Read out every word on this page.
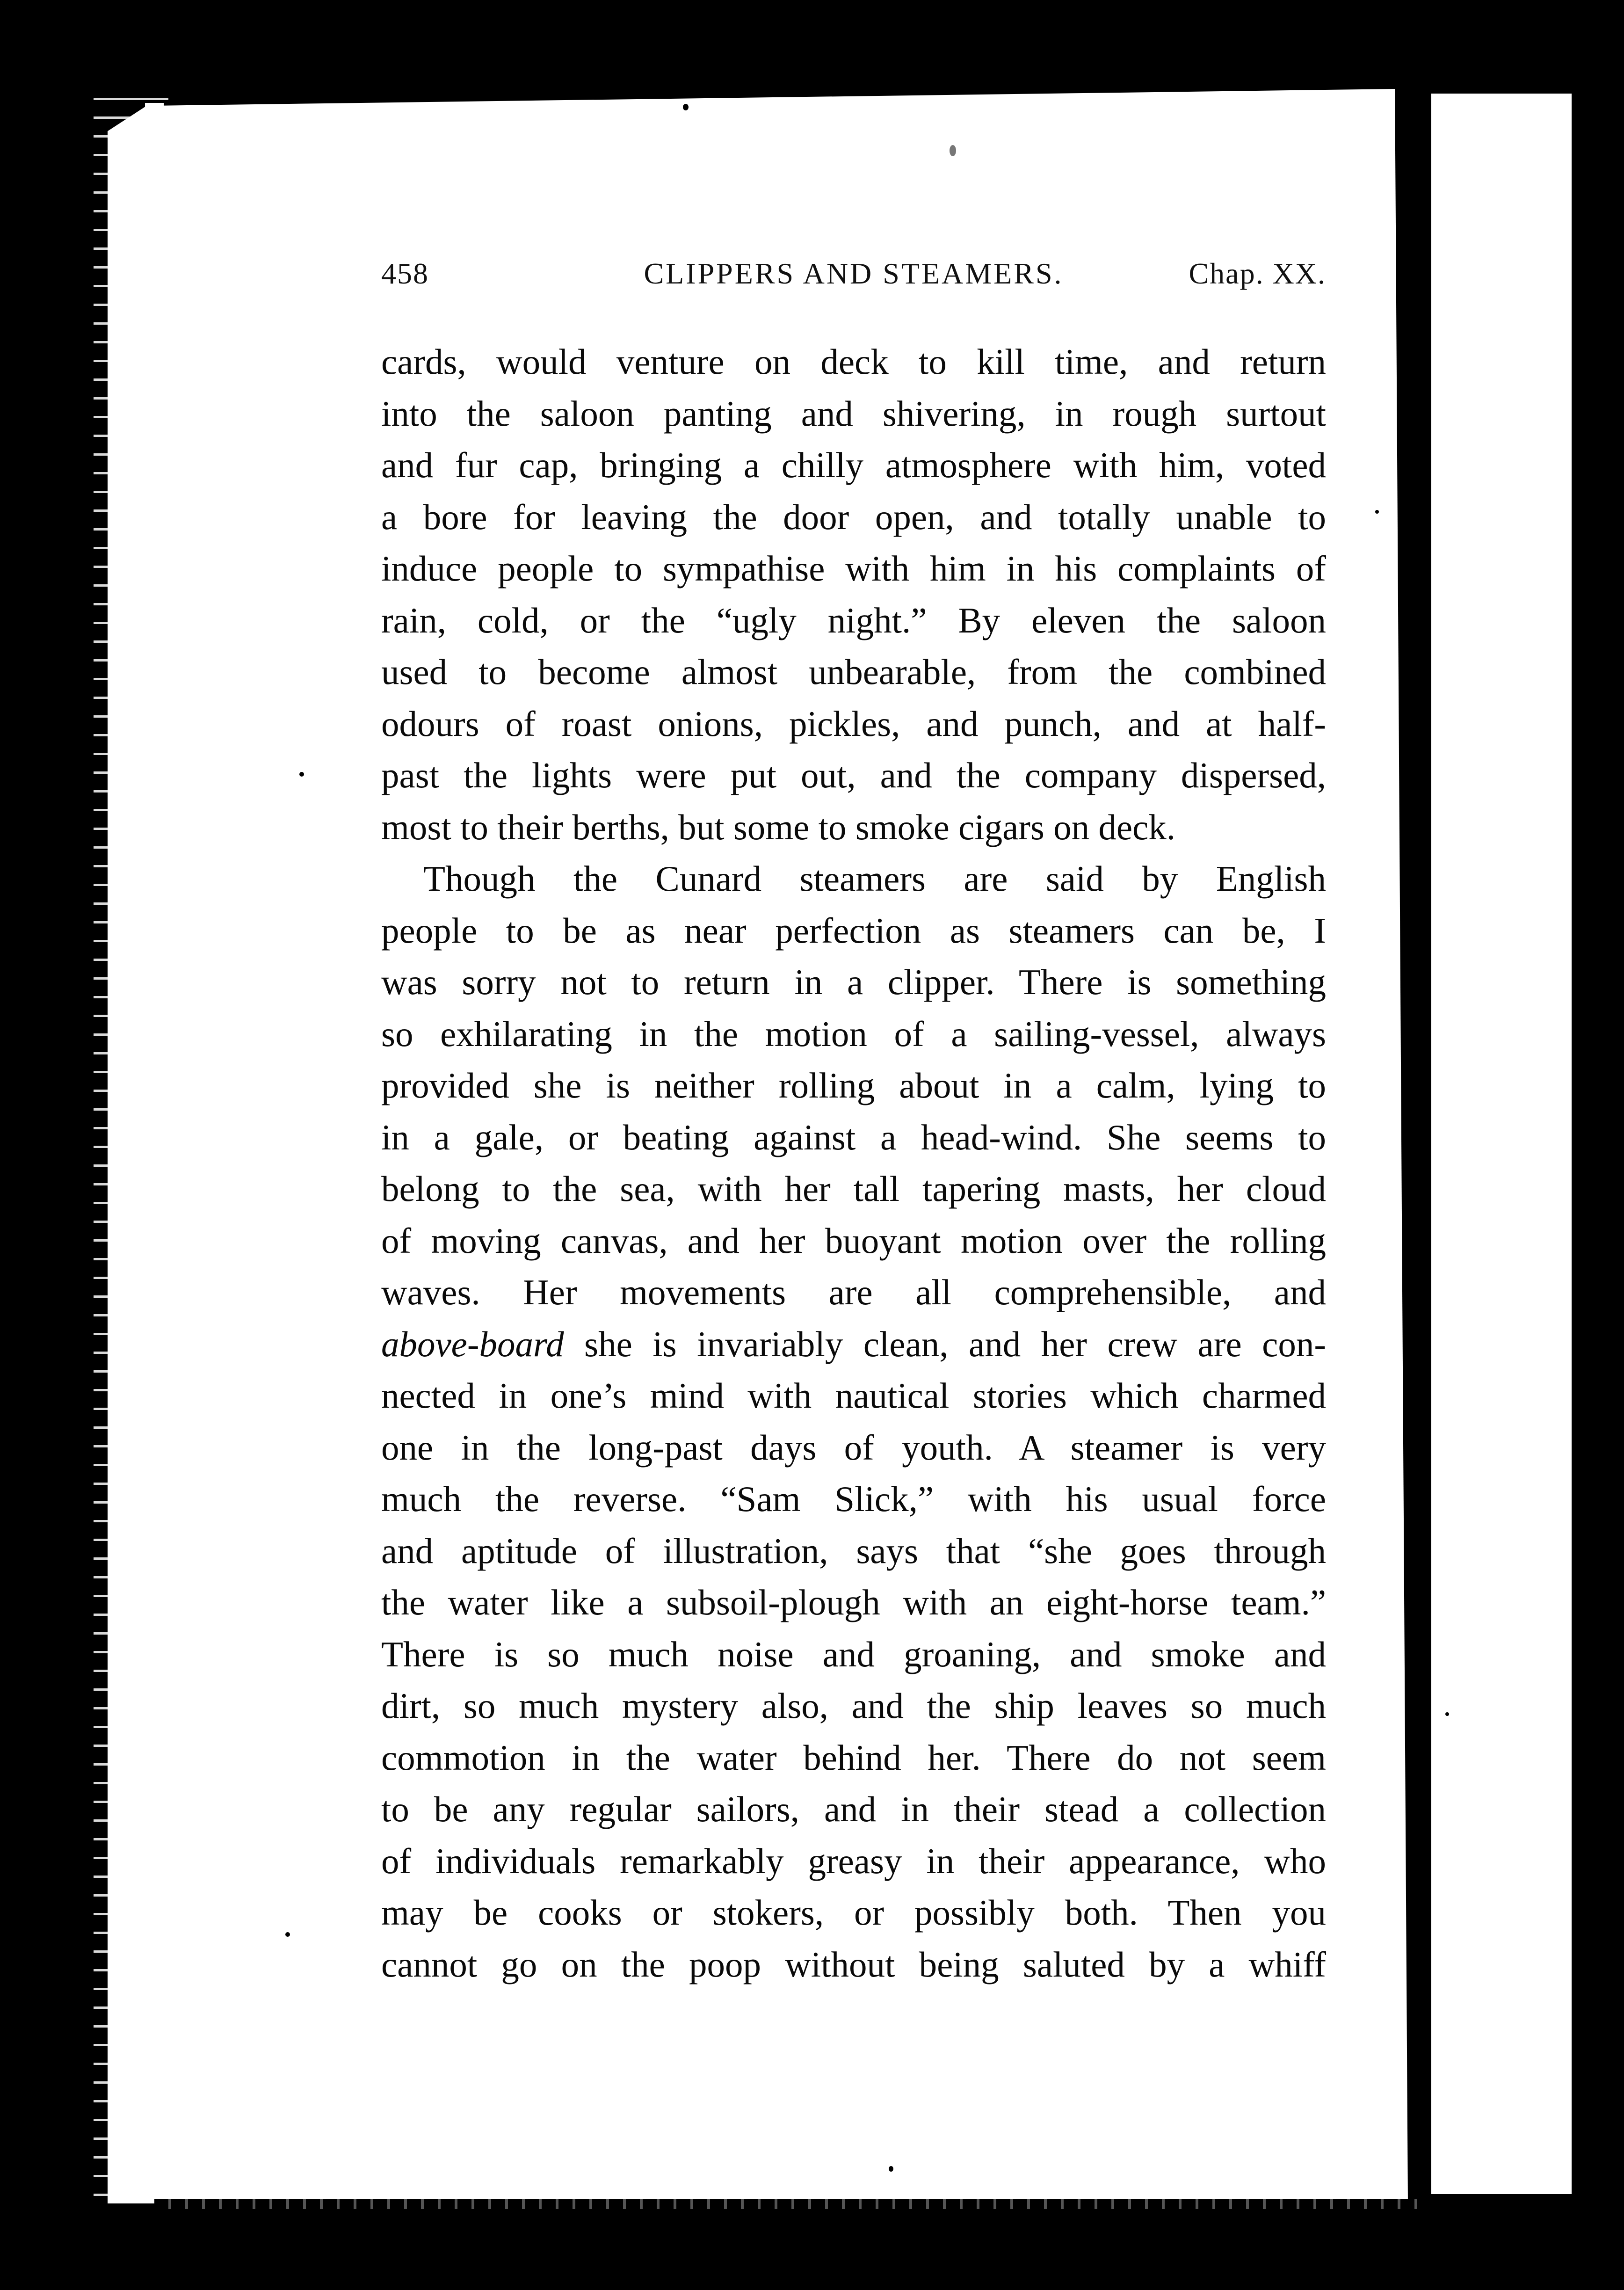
458	CLIPPERS AND STEAMERS.	Chap. XX.
cards, would venture on deck to kill time, and return
into the saloon panting and shivering, in rough surtout
and fur cap, bringing a chilly atmosphere with him, voted
a bore for leaving the door open, and totally unable to
induce people to sympathise with him in his complaints of
rain, cold, or the “ugly night.” By eleven the saloon
used to become almost unbearable, from the combined
odours of roast onions, pickles, and punch, and at half-
past the lights were put out, and the company dispersed,
most to their berths, but some to smoke cigars on deck.
Though the Cunard steamers are said by English
people to be as near perfection as steamers can be, I
was sorry not to return in a clipper. There is something
so exhilarating in the motion of a sailing-vessel, always
provided she is neither rolling about in a calm, lying to
in a gale, or beating against a head-wind. She seems to
belong to the sea, with her tall tapering masts, her cloud
of moving canvas, and her buoyant motion over the rolling
waves. Her movements are all comprehensible, and
above-board she is invariably clean, and her crew are con-
nected in one’s mind with nautical stories which charmed
one in the long-past days of youth. A steamer is very
much the reverse. “Sam Slick,” with his usual force
and aptitude of illustration, says that “she goes through
the water like a subsoil-plough with an eight-horse team.”
There is so much noise and groaning, and smoke and
dirt, so much mystery also, and the ship leaves so much
commotion in the water behind her. There do not seem
to be any regular sailors, and in their stead a collection
of individuals remarkably greasy in their appearance, who
may be cooks or stokers, or possibly both. Then you
cannot go on the poop without being saluted by a whiff
